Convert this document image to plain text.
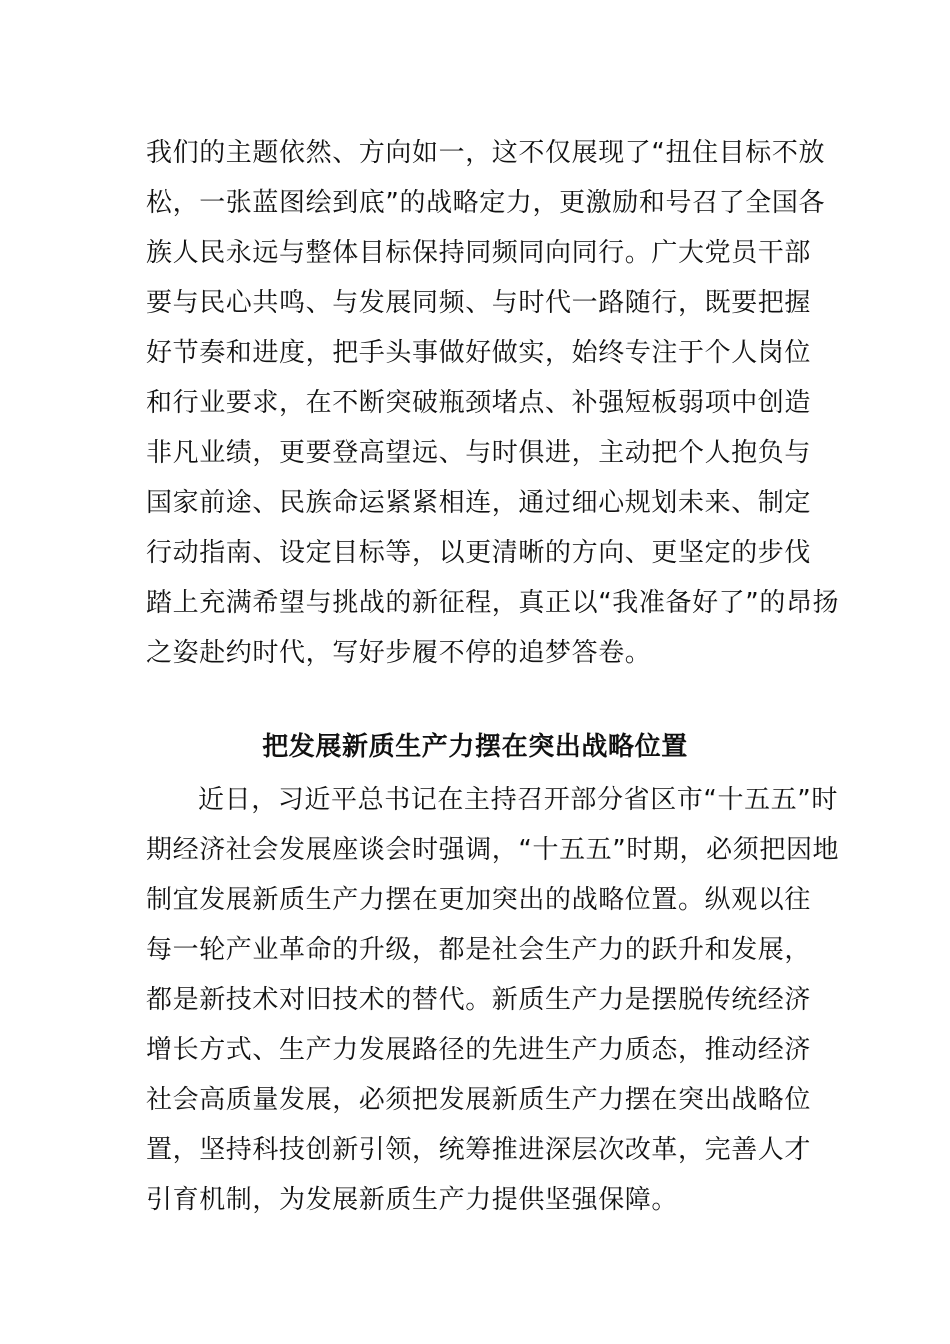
我们的主题依然、方向如一，这不仅展现了“扭住目标不放
松，一张蓝图绘到底”的战略定力，更激励和号召了全国各
族人民永远与整体目标保持同频同向同行。广大党员干部
要与民心共鸣、与发展同频、与时代一路随行，既要把握
好节奏和进度，把手头事做好做实，始终专注于个人岗位
和行业要求，在不断突破瓶颈堵点、补强短板弱项中创造
非凡业绩，更要登高望远、与时俱进，主动把个人抱负与
国家前途、民族命运紧紧相连，通过细心规划未来、制定
行动指南、设定目标等，以更清晰的方向、更坚定的步伐
踏上充满希望与挑战的新征程，真正以“我准备好了”的昂扬
之姿赴约时代，写好步履不停的追梦答卷。
把发展新质生产力摆在突出战略位置
近日，习近平总书记在主持召开部分省区市“十五五”时
期经济社会发展座谈会时强调，“十五五”时期，必须把因地
制宜发展新质生产力摆在更加突出的战略位置。纵观以往
每一轮产业革命的升级，都是社会生产力的跃升和发展，
都是新技术对旧技术的替代。新质生产力是摆脱传统经济
增长方式、生产力发展路径的先进生产力质态，推动经济
社会高质量发展，必须把发展新质生产力摆在突出战略位
置，坚持科技创新引领，统筹推进深层次改革，完善人才
引育机制，为发展新质生产力提供坚强保障。
